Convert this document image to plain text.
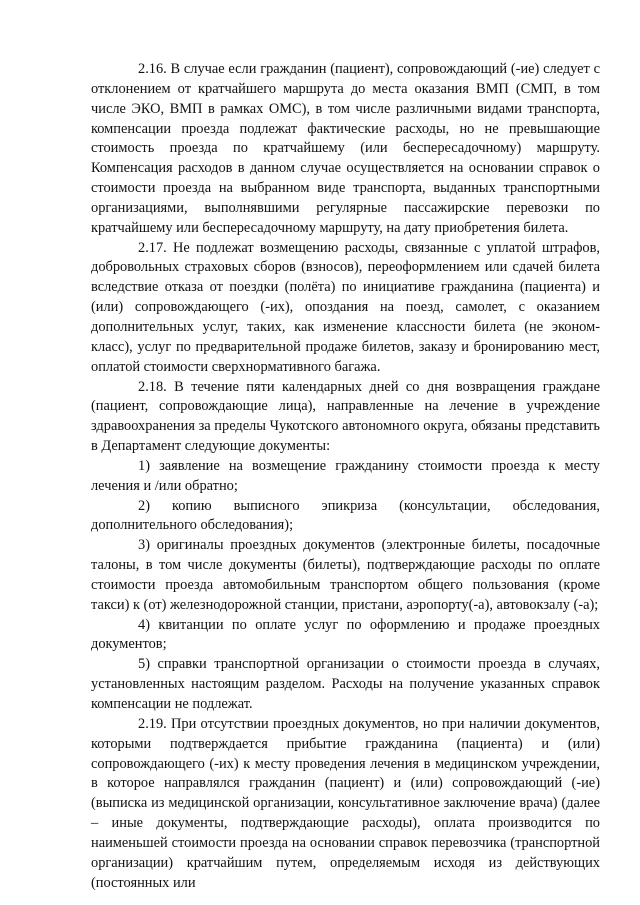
2.16. В случае если гражданин (пациент), сопровождающий (-ие) следует с отклонением от кратчайшего маршрута до места оказания ВМП (СМП, в том числе ЭКО, ВМП в рамках ОМС), в том числе различными видами транспорта, компенсации проезда подлежат фактические расходы, но не превышающие стоимость проезда по кратчайшему (или беспересадочному) маршруту. Компенсация расходов в данном случае осуществляется на основании справок о стоимости проезда на выбранном виде транспорта, выданных транспортными организациями, выполнявшими регулярные пассажирские перевозки по кратчайшему или беспересадочному маршруту, на дату приобретения билета.

2.17. Не подлежат возмещению расходы, связанные с уплатой штрафов, добровольных страховых сборов (взносов), переоформлением или сдачей билета вследствие отказа от поездки (полёта) по инициативе гражданина (пациента) и (или) сопровождающего (-их), опоздания на поезд, самолет, с оказанием дополнительных услуг, таких, как изменение классности билета (не эконом-класс), услуг по предварительной продаже билетов, заказу и бронированию мест, оплатой стоимости сверхнормативного багажа.

2.18. В течение пяти календарных дней со дня возвращения граждане (пациент, сопровождающие лица), направленные на лечение в учреждение здравоохранения за пределы Чукотского автономного округа, обязаны представить в Департамент следующие документы:

1) заявление на возмещение гражданину стоимости проезда к месту лечения и /или обратно;

2) копию выписного эпикриза (консультации, обследования, дополнительного обследования);

3) оригиналы проездных документов (электронные билеты, посадочные талоны, в том числе документы (билеты), подтверждающие расходы по оплате стоимости проезда автомобильным транспортом общего пользования (кроме такси) к (от) железнодорожной станции, пристани, аэропорту(-а), автовокзалу (-а);

4) квитанции по оплате услуг по оформлению и продаже проездных документов;

5) справки транспортной организации о стоимости проезда в случаях, установленных настоящим разделом. Расходы на получение указанных справок компенсации не подлежат.

2.19. При отсутствии проездных документов, но при наличии документов, которыми подтверждается прибытие гражданина (пациента) и (или) сопровождающего (-их) к месту проведения лечения в медицинском учреждении, в которое направлялся гражданин (пациент) и (или) сопровождающий (-ие) (выписка из медицинской организации, консультативное заключение врача) (далее – иные документы, подтверждающие расходы), оплата производится по наименьшей стоимости проезда на основании справок перевозчика (транспортной организации) кратчайшим путем, определяемым исходя из действующих (постоянных или
